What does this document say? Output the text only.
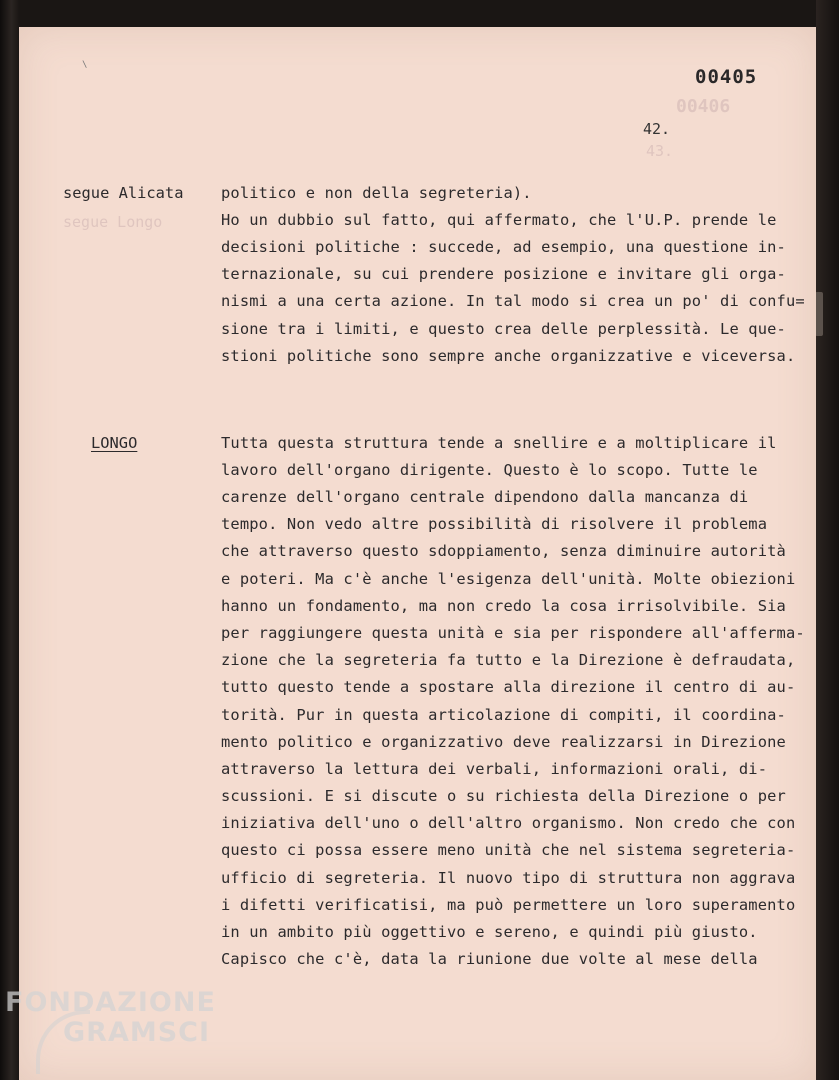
00406
43.
segue Longo
\
00405
42.
segue Alicata
LONGO
politico e non della segreteria).
Ho un dubbio sul fatto, qui affermato, che l'U.P. prende le
decisioni politiche : succede, ad esempio, una questione in-
ternazionale, su cui prendere posizione e invitare gli orga-
nismi a una certa azione. In tal modo si crea un po' di confu=
sione tra i limiti, e questo crea delle perplessità. Le que-
stioni politiche sono sempre anche organizzative e viceversa.
Tutta questa struttura tende a snellire e a moltiplicare il
lavoro dell'organo dirigente. Questo è lo scopo. Tutte le
carenze dell'organo centrale dipendono dalla mancanza di
tempo. Non vedo altre possibilità di risolvere il problema
che attraverso questo sdoppiamento, senza diminuire autorità
e poteri. Ma c'è anche l'esigenza dell'unità. Molte obiezioni
hanno un fondamento, ma non credo la cosa irrisolvibile. Sia
per raggiungere questa unità e sia per rispondere all'afferma-
zione che la segreteria fa tutto e la Direzione è defraudata,
tutto questo tende a spostare alla direzione il centro di au-
torità. Pur in questa articolazione di compiti, il coordina-
mento politico e organizzativo deve realizzarsi in Direzione
attraverso la lettura dei verbali, informazioni orali, di-
scussioni. E si discute o su richiesta della Direzione o per
iniziativa dell'uno o dell'altro organismo. Non credo che con
questo ci possa essere meno unità che nel sistema segreteria-
ufficio di segreteria. Il nuovo tipo di struttura non aggrava
i difetti verificatisi, ma può permettere un loro superamento
in un ambito più oggettivo e sereno, e quindi più giusto.
Capisco che c'è, data la riunione due volte al mese della
FONDAZIONE
GRAMSCI
